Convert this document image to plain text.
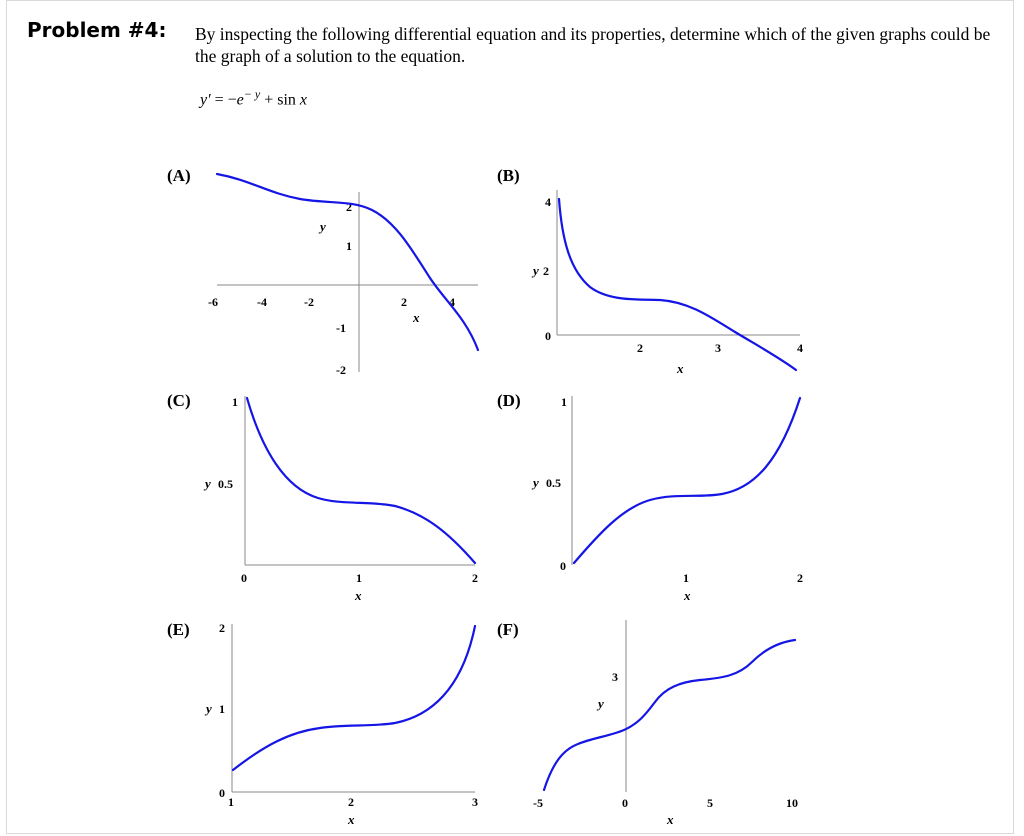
Problem #4: By inspecting the following differential equation and its properties, determine which of the given graphs could be the graph of a solution to the equation.
$y' = -e^{- y} + \sin x$
(A)
-6	-4	-2	2	4
2
1
-1
-2
y
x
(B)
2	3	4
4
2
0
y
x
(C)
0	1	2
1
0.5
y
x
(D)
1	2
1
0.5
0
y
x
(E)
1	2	3
2
1
0
y
x
(F)
-5	0	5	10
3
y
x
